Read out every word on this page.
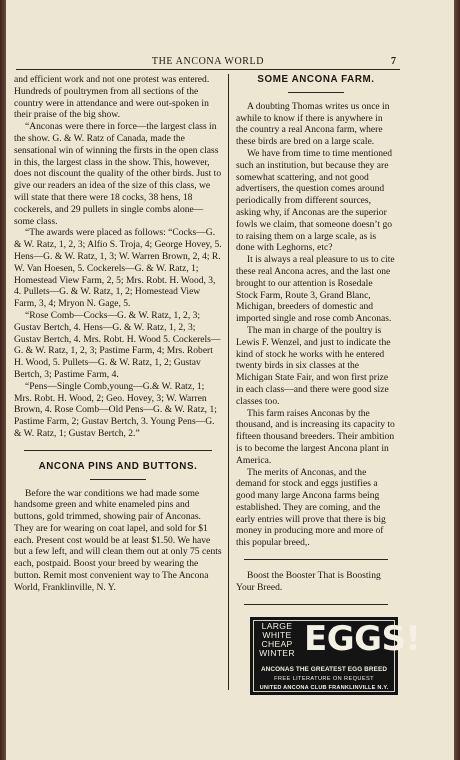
THE ANCONA WORLD	7

and efficient work and not one protest was entered. Hundreds of poultrymen from all sections of the country were in attendance and were out-spoken in their praise of the big show.

“Anconas were there in force—the largest class in the show. G. & W. Ratz of Canada, made the sensational win of winning the firsts in the open class in this, the largest class in the show. This, however, does not discount the quality of the other birds. Just to give our readers an idea of the size of this class, we will state that there were 18 cocks, 38 hens, 18 cockerels, and 29 pullets in single combs alone—some class.

“The awards were placed as follows: “Cocks—G. & W. Ratz, 1, 2, 3; Alfio S. Troja, 4; George Hovey, 5. Hens—G. & W. Ratz, 1, 3; W. Warren Brown, 2, 4; R. W. Van Hoesen, 5. Cockerels—G. & W. Ratz, 1; Homestead View Farm, 2, 5; Mrs. Robt. H. Wood, 3, 4. Pullets—G. & W. Ratz, 1, 2; Homestead View Farm, 3, 4; Mryon N. Gage, 5.

“Rose Comb—Cocks—G. & W. Ratz, 1, 2, 3; Gustav Bertch, 4. Hens—G. & W. Ratz, 1, 2, 3; Gustav Bertch, 4. Mrs. Robt. H. Wood 5. Cockerels—G. & W. Ratz, 1, 2, 3; Pastime Farm, 4; Mrs. Robert H. Wood, 5. Pullets—G. & W. Ratz, 1, 2; Gustav Bertch, 3; Pastime Farm, 4.

“Pens—Single Comb,young—G.& W. Ratz, 1; Mrs. Robt. H. Wood, 2; Geo. Hovey, 3; W. Warren Brown, 4. Rose Comb—Old Pens—G. & W. Ratz, 1; Pastime Farm, 2; Gustav Bertch, 3. Young Pens—G. & W. Ratz, 1; Gustav Bertch, 2.”

ANCONA PINS AND BUTTONS.

Before the war conditions we had made some handsome green and white enameled pins and buttons, gold trimmed, showing pair of Anconas. They are for wearing on coat lapel, and sold for $1 each. Present cost would be at least $1.50. We have but a few left, and will clean them out at only 75 cents each, postpaid. Boost your breed by wearing the button. Remit most convenient way to The Ancona World, Franklinville, N. Y.

SOME ANCONA FARM.

A doubting Thomas writes us once in awhile to know if there is anywhere in the country a real Ancona farm, where these birds are bred on a large scale.

We have from time to time mentioned such an institution, but because they are somewhat scattering, and not good advertisers, the question comes around periodically from different sources, asking why, if Anconas are the superior fowls we claim, that someone doesn’t go to raising them on a large scale, as is done with Leghorns, etc?

It is always a real pleasure to us to cite these real Ancona acres, and the last one brought to our attention is Rosedale Stock Farm, Route 3, Grand Blanc, Michigan, breeders of domestic and imported single and rose comb Anconas.

The man in charge of the poultry is Lewis F. Wenzel, and just to indicate the kind of stock he works with he entered twenty birds in six classes at the Michigan State Fair, and won first prize in each class—and there were good size classes too.

This farm raises Anconas by the thousand, and is increasing its capacity to fifteen thousand breeders. Their ambition is to become the largest Ancona plant in America.

The merits of Anconas, and the demand for stock and eggs justifies a good many large Ancona farms being established. They are coming, and the early entries will prove that there is big money in producing more and more of this popular breed,.

Boost the Booster That is Boosting Your Breed.

LARGE
WHITE
CHEAP
WINTER EGGS!
ANCONAS THE GREATEST EGG BREED
FREE LITERATURE ON REQUEST
UNITED ANCONA CLUB FRANKLINVILLE N.Y.
